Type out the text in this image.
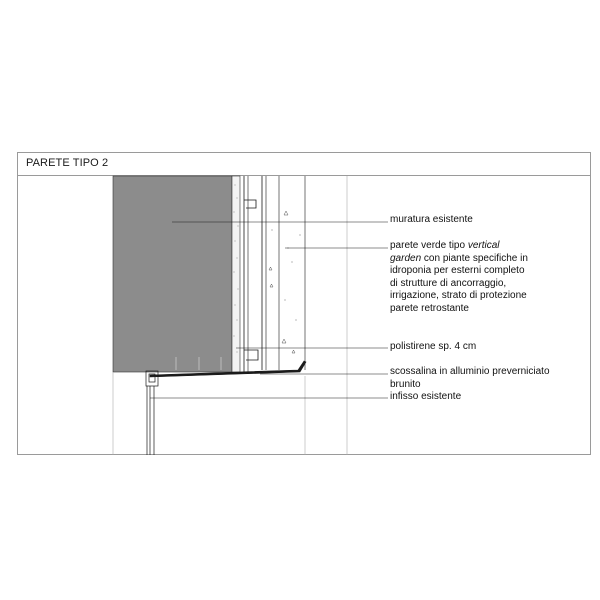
PARETE TIPO 2
muratura esistente
parete verde tipo vertical
garden con piante specifiche in
idroponia per esterni completo
di strutture di ancorraggio,
irrigazione, strato di protezione
parete retrostante
polistirene sp. 4 cm
scossalina in alluminio preverniciato
brunito
infisso esistente
